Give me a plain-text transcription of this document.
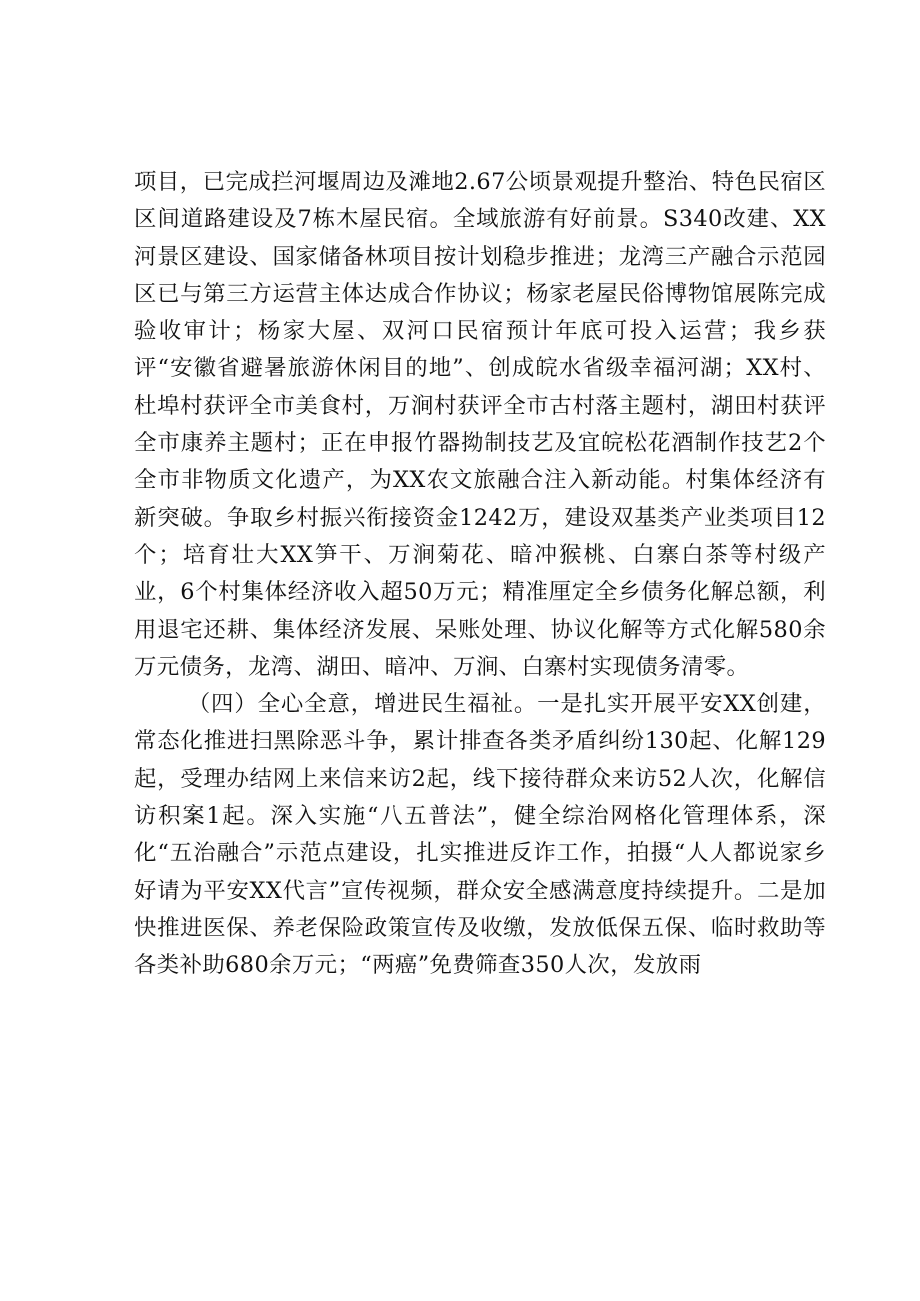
项目，已完成拦河堰周边及滩地2.67公顷景观提升整治、特色民宿区区间道路建设及7栋木屋民宿。全域旅游有好前景。S340改建、XX河景区建设、国家储备林项目按计划稳步推进；龙湾三产融合示范园区已与第三方运营主体达成合作协议；杨家老屋民俗博物馆展陈完成验收审计；杨家大屋、双河口民宿预计年底可投入运营；我乡获评“安徽省避暑旅游休闲目的地”、创成皖水省级幸福河湖；XX村、杜埠村获评全市美食村，万涧村获评全市古村落主题村，湖田村获评全市康养主题村；正在申报竹器拗制技艺及宜皖松花酒制作技艺2个全市非物质文化遗产，为XX农文旅融合注入新动能。村集体经济有新突破。争取乡村振兴衔接资金1242万，建设双基类产业类项目12个；培育壮大XX笋干、万涧菊花、暗冲猴桃、白寨白茶等村级产业，6个村集体经济收入超50万元；精准厘定全乡债务化解总额，利用退宅还耕、集体经济发展、呆账处理、协议化解等方式化解580余万元债务，龙湾、湖田、暗冲、万涧、白寨村实现债务清零。

（四）全心全意，增进民生福祉。一是扎实开展平安XX创建，常态化推进扫黑除恶斗争，累计排查各类矛盾纠纷130起、化解129起，受理办结网上来信来访2起，线下接待群众来访52人次，化解信访积案1起。深入实施“八五普法”，健全综治网格化管理体系，深化“五治融合”示范点建设，扎实推进反诈工作，拍摄“人人都说家乡好请为平安XX代言”宣传视频，群众安全感满意度持续提升。二是加快推进医保、养老保险政策宣传及收缴，发放低保五保、临时救助等各类补助680余万元；“两癌”免费筛查350人次，发放雨
